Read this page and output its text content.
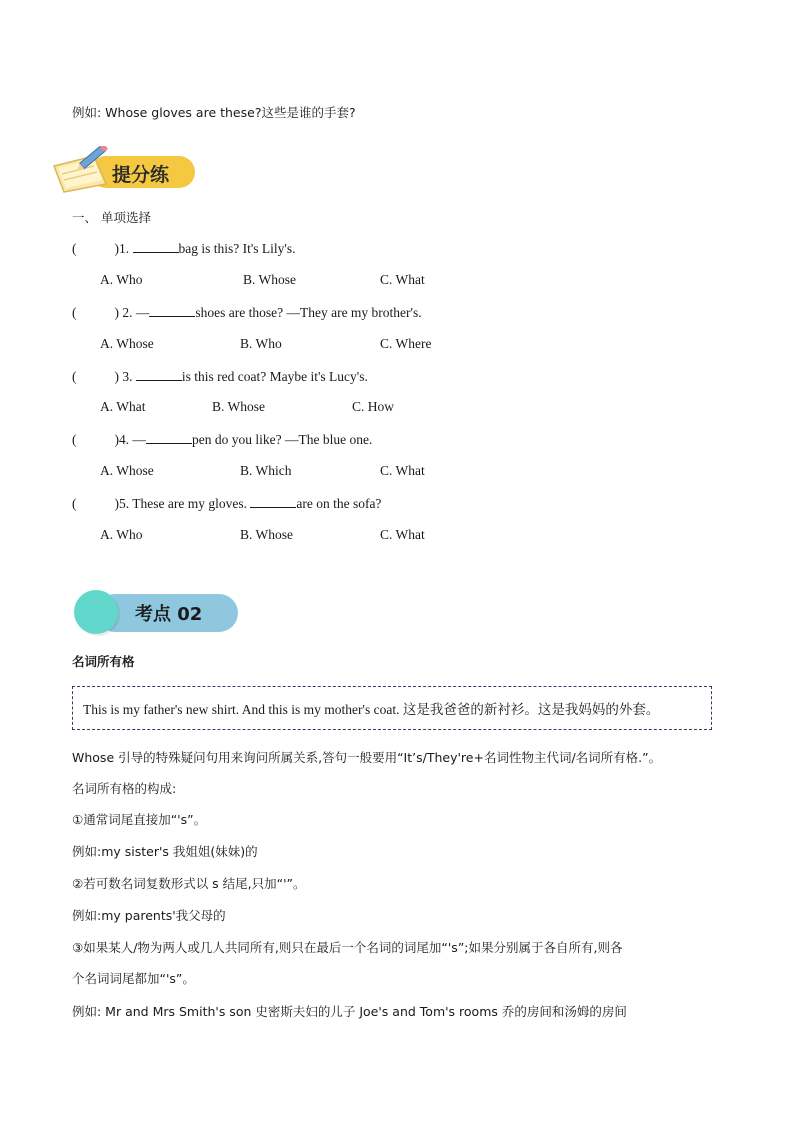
例如: Whose gloves are these?这些是谁的手套?
提分练
一、 单项选择
(	)1.	bag is this? It's Lily's.
A. Who	B. Whose	C. What
(	) 2. —	shoes are those? —They are my brother's.
A. Whose	B. Who	C. Where
(	) 3.	is this red coat? Maybe it's Lucy's.
A. What	B. Whose	C. How
(	)4. —	pen do you like? —The blue one.
A. Whose	B. Which	C. What
(	)5. These are my gloves.	are on the sofa?
A. Who	B. Whose	C. What
考点 02
名词所有格
This is my father's new shirt. And this is my mother's coat. 这是我爸爸的新衬衫。这是我妈妈的外套。
Whose 引导的特殊疑问句用来询问所属关系,答句一般要用“It’s/They're+名词性物主代词/名词所有格.”。
名词所有格的构成:
①通常词尾直接加“'s”。
例如:my sister's 我姐姐(妹妹)的
②若可数名词复数形式以 s 结尾,只加“'”。
例如:my parents'我父母的
③如果某人/物为两人或几人共同所有,则只在最后一个名词的词尾加“'s”;如果分别属于各自所有,则各
个名词词尾都加“'s”。
例如: Mr and Mrs Smith's son 史密斯夫妇的儿子 Joe's and Tom's rooms 乔的房间和汤姆的房间
